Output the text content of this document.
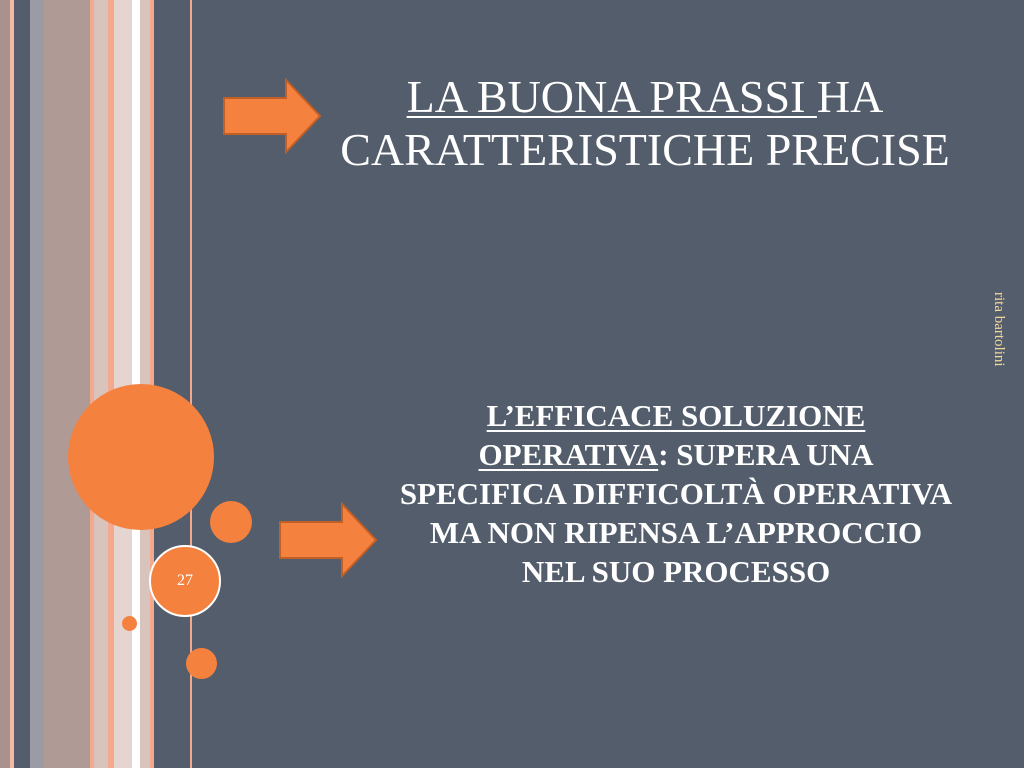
27
LA BUONA PRASSI HA CARATTERISTICHE PRECISE

L’EFFICACE SOLUZIONE OPERATIVA: SUPERA UNA SPECIFICA DIFFICOLTÀ OPERATIVA MA NON RIPENSA L’APPROCCIO NEL SUO PROCESSO

rita bartolini
